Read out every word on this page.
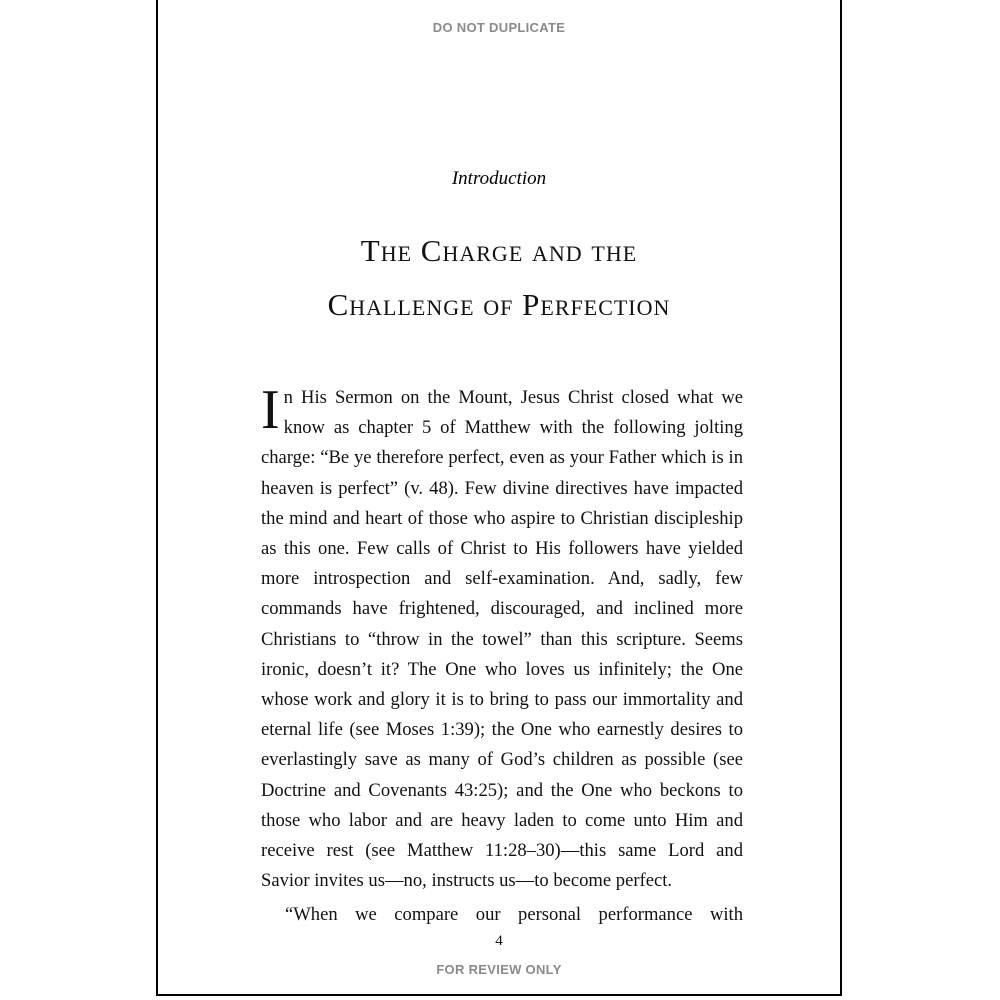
DO NOT DUPLICATE
Introduction
The Charge and the
Challenge of Perfection

In His Sermon on the Mount, Jesus Christ closed what we know as chapter 5 of Matthew with the following jolting charge: “Be ye therefore perfect, even as your Father which is in heaven is perfect” (v. 48). Few divine directives have impacted the mind and heart of those who aspire to Christian discipleship as this one. Few calls of Christ to His followers have yielded more introspection and self-examination. And, sadly, few commands have frightened, discouraged, and inclined more Christians to “throw in the towel” than this scripture. Seems ironic, doesn’t it? The One who loves us infinitely; the One whose work and glory it is to bring to pass our immortality and eternal life (see Moses 1:39); the One who earnestly desires to everlastingly save as many of God’s children as possible (see Doctrine and Covenants 43:25); and the One who beckons to those who labor and are heavy laden to come unto Him and receive rest (see Matthew 11:28–30)—this same Lord and Savior invites us—no, instructs us—to become perfect.

“When we compare our personal performance with

4
FOR REVIEW ONLY
